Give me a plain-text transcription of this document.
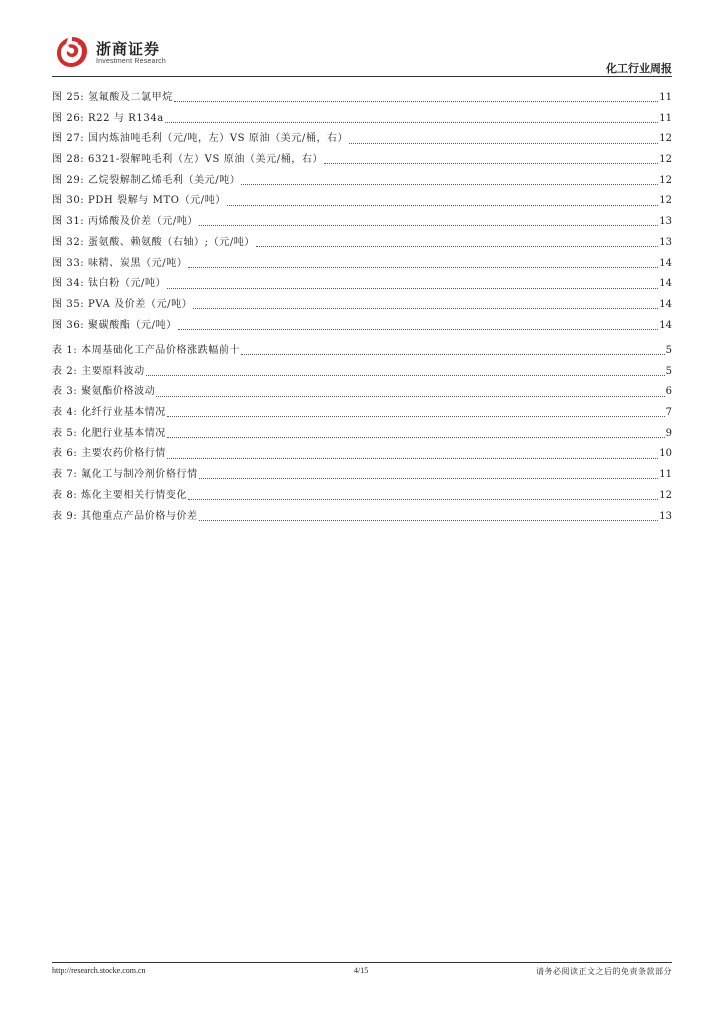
浙商证券
Investment Research
化工行业周报
图 25: 氢氟酸及二氯甲烷	11
图 26: R22 与 R134a	11
图 27: 国内炼油吨毛利（元/吨，左）VS 原油（美元/桶，右）	12
图 28: 6321-裂解吨毛利（左）VS 原油（美元/桶，右）	12
图 29: 乙烷裂解制乙烯毛利（美元/吨）	12
图 30: PDH 裂解与 MTO（元/吨）	12
图 31: 丙烯酸及价差（元/吨）	13
图 32: 蛋氨酸、赖氨酸（右轴）;（元/吨）	13
图 33: 味精、炭黑（元/吨）	14
图 34: 钛白粉（元/吨）	14
图 35: PVA 及价差（元/吨）	14
图 36: 聚碳酸酯（元/吨）	14
表 1: 本周基础化工产品价格涨跌幅前十	5
表 2: 主要原料波动	5
表 3: 聚氨酯价格波动	6
表 4: 化纤行业基本情况	7
表 5: 化肥行业基本情况	9
表 6: 主要农药价格行情	10
表 7: 氟化工与制冷剂价格行情	11
表 8: 炼化主要相关行情变化	12
表 9: 其他重点产品价格与价差	13
http://research.stocke.com.cn	4/15	请务必阅读正文之后的免责条款部分
